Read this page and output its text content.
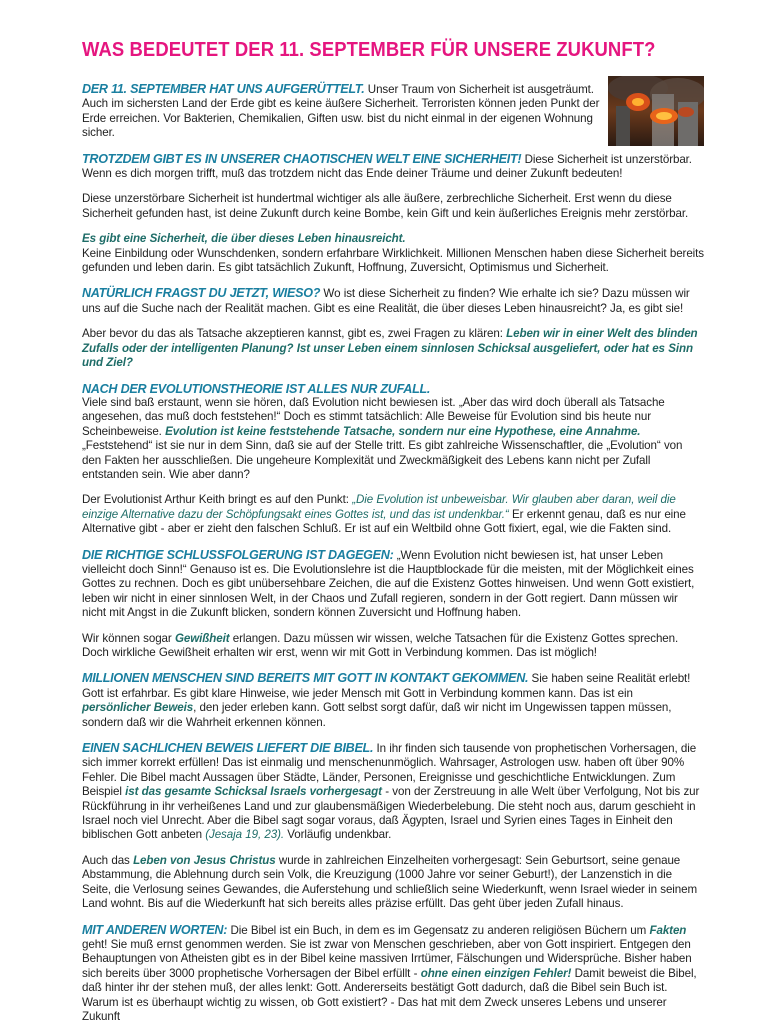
WAS BEDEUTET DER 11. SEPTEMBER FÜR UNSERE ZUKUNFT?

DER 11. SEPTEMBER HAT UNS AUFGERÜTTELT. Unser Traum von Sicherheit ist ausgeträumt. Auch im sichersten Land der Erde gibt es keine äußere Sicherheit. Terroristen können jeden Punkt der Erde erreichen. Vor Bakterien, Chemikalien, Giften usw. bist du nicht einmal in der eigenen Wohnung sicher.

TROTZDEM GIBT ES IN UNSERER CHAOTISCHEN WELT EINE SICHERHEIT! Diese Sicherheit ist unzerstörbar. Wenn es dich morgen trifft, muß das trotzdem nicht das Ende deiner Träume und deiner Zukunft bedeuten!

Diese unzerstörbare Sicherheit ist hundertmal wichtiger als alle äußere, zerbrechliche Sicherheit. Erst wenn du diese Sicherheit gefunden hast, ist deine Zukunft durch keine Bombe, kein Gift und kein äußerliches Ereignis mehr zerstörbar.

Es gibt eine Sicherheit, die über dieses Leben hinausreicht.
Keine Einbildung oder Wunschdenken, sondern erfahrbare Wirklichkeit. Millionen Menschen haben diese Sicherheit bereits gefunden und leben darin. Es gibt tatsächlich Zukunft, Hoffnung, Zuversicht, Optimismus und Sicherheit.

NATÜRLICH FRAGST DU JETZT, WIESO? Wo ist diese Sicherheit zu finden? Wie erhalte ich sie? Dazu müssen wir uns auf die Suche nach der Realität machen. Gibt es eine Realität, die über dieses Leben hinausreicht? Ja, es gibt sie!

Aber bevor du das als Tatsache akzeptieren kannst, gibt es, zwei Fragen zu klären: Leben wir in einer Welt des blinden Zufalls oder der intelligenten Planung? Ist unser Leben einem sinnlosen Schicksal ausgeliefert, oder hat es Sinn und Ziel?

NACH DER EVOLUTIONSTHEORIE IST ALLES NUR ZUFALL.
Viele sind baß erstaunt, wenn sie hören, daß Evolution nicht bewiesen ist. „Aber das wird doch überall als Tatsache angesehen, das muß doch feststehen!“ Doch es stimmt tatsächlich: Alle Beweise für Evolution sind bis heute nur Scheinbeweise. Evolution ist keine feststehende Tatsache, sondern nur eine Hypothese, eine Annahme. „Feststehend“ ist sie nur in dem Sinn, daß sie auf der Stelle tritt. Es gibt zahlreiche Wissenschaftler, die „Evolution“ von den Fakten her ausschließen. Die ungeheure Komplexität und Zweckmäßigkeit des Lebens kann nicht per Zufall entstanden sein. Wie aber dann?

Der Evolutionist Arthur Keith bringt es auf den Punkt: „Die Evolution ist unbeweisbar. Wir glauben aber daran, weil die einzige Alternative dazu der Schöpfungsakt eines Gottes ist, und das ist undenkbar.“ Er erkennt genau, daß es nur eine Alternative gibt - aber er zieht den falschen Schluß. Er ist auf ein Weltbild ohne Gott fixiert, egal, wie die Fakten sind.

DIE RICHTIGE SCHLUSSFOLGERUNG IST DAGEGEN: „Wenn Evolution nicht bewiesen ist, hat unser Leben vielleicht doch Sinn!“ Genauso ist es. Die Evolutionslehre ist die Hauptblockade für die meisten, mit der Möglichkeit eines Gottes zu rechnen. Doch es gibt unübersehbare Zeichen, die auf die Existenz Gottes hinweisen. Und wenn Gott existiert, leben wir nicht in einer sinnlosen Welt, in der Chaos und Zufall regieren, sondern in der Gott regiert. Dann müssen wir nicht mit Angst in die Zukunft blicken, sondern können Zuversicht und Hoffnung haben.

Wir können sogar Gewißheit erlangen. Dazu müssen wir wissen, welche Tatsachen für die Existenz Gottes sprechen. Doch wirkliche Gewißheit erhalten wir erst, wenn wir mit Gott in Verbindung kommen. Das ist möglich!

MILLIONEN MENSCHEN SIND BEREITS MIT GOTT IN KONTAKT GEKOMMEN. Sie haben seine Realität erlebt! Gott ist erfahrbar. Es gibt klare Hinweise, wie jeder Mensch mit Gott in Verbindung kommen kann. Das ist ein persönlicher Beweis, den jeder erleben kann. Gott selbst sorgt dafür, daß wir nicht im Ungewissen tappen müssen, sondern daß wir die Wahrheit erkennen können.

EINEN SACHLICHEN BEWEIS LIEFERT DIE BIBEL. In ihr finden sich tausende von prophetischen Vorhersagen, die sich immer korrekt erfüllen! Das ist einmalig und menschenunmöglich. Wahrsager, Astrologen usw. haben oft über 90% Fehler. Die Bibel macht Aussagen über Städte, Länder, Personen, Ereignisse und geschichtliche Entwicklungen. Zum Beispiel ist das gesamte Schicksal Israels vorhergesagt - von der Zerstreuung in alle Welt über Verfolgung, Not bis zur Rückführung in ihr verheißenes Land und zur glaubensmäßigen Wiederbelebung. Die steht noch aus, darum geschieht in Israel noch viel Unrecht. Aber die Bibel sagt sogar voraus, daß Ägypten, Israel und Syrien eines Tages in Einheit den biblischen Gott anbeten (Jesaja 19, 23). Vorläufig undenkbar.

Auch das Leben von Jesus Christus wurde in zahlreichen Einzelheiten vorhergesagt: Sein Geburtsort, seine genaue Abstammung, die Ablehnung durch sein Volk, die Kreuzigung (1000 Jahre vor seiner Geburt!), der Lanzenstich in die Seite, die Verlosung seines Gewandes, die Auferstehung und schließlich seine Wiederkunft, wenn Israel wieder in seinem Land wohnt. Bis auf die Wiederkunft hat sich bereits alles präzise erfüllt. Das geht über jeden Zufall hinaus.

MIT ANDEREN WORTEN: Die Bibel ist ein Buch, in dem es im Gegensatz zu anderen religiösen Büchern um Fakten geht! Sie muß ernst genommen werden. Sie ist zwar von Menschen geschrieben, aber von Gott inspiriert. Entgegen den Behauptungen von Atheisten gibt es in der Bibel keine massiven Irrtümer, Fälschungen und Widersprüche. Bisher haben sich bereits über 3000 prophetische Vorhersagen der Bibel erfüllt - ohne einen einzigen Fehler! Damit beweist die Bibel, daß hinter ihr der stehen muß, der alles lenkt: Gott. Andererseits bestätigt Gott dadurch, daß die Bibel sein Buch ist. Warum ist es überhaupt wichtig zu wissen, ob Gott existiert? - Das hat mit dem Zweck unseres Lebens und unserer Zukunft
